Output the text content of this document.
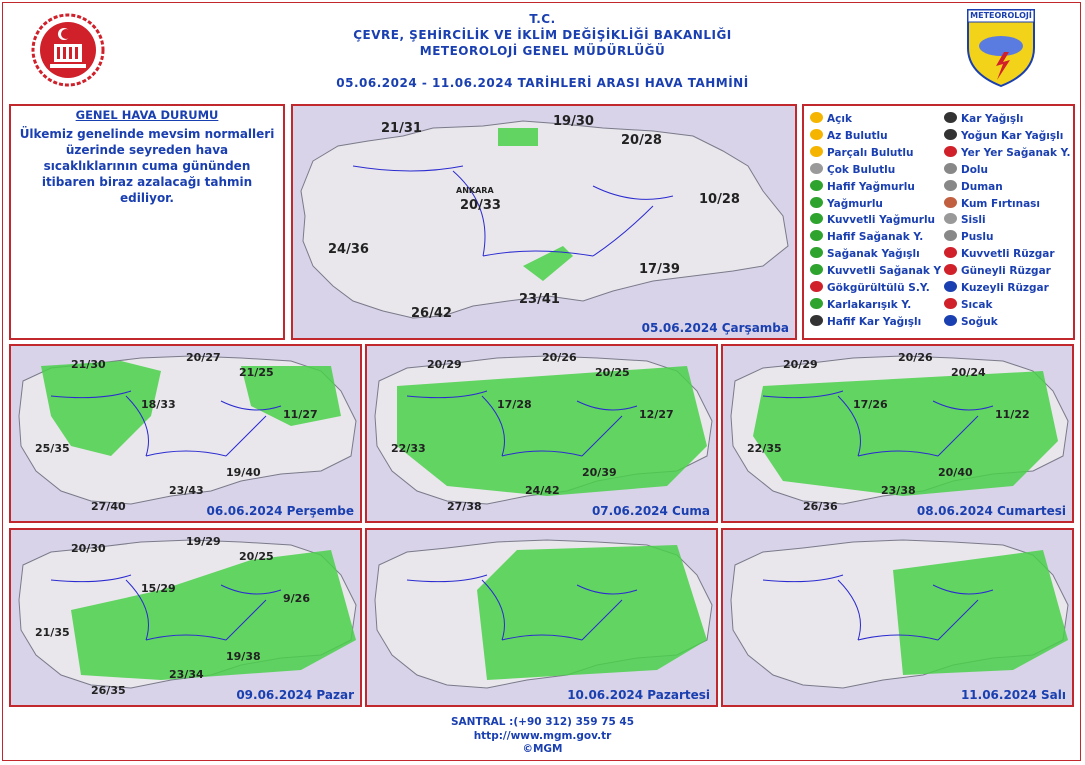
METEOROLOJİ
T.C.
ÇEVRE, ŞEHİRCİLİK VE İKLİM DEĞİŞİKLİĞİ BAKANLIĞI
METEOROLOJİ GENEL MÜDÜRLÜĞÜ
05.06.2024 - 11.06.2024 TARİHLERİ ARASI HAVA TAHMİNİ
GENEL HAVA DURUMU
Ülkemiz genelinde mevsim normalleri üzerinde seyreden hava sıcaklıklarının cuma gününden itibaren biraz azalacağı tahmin ediliyor.
21/31	19/30
20/28
20/33	10/28
24/36
17/39
23/41
26/42
ANKARA
05.06.2024 Çarşamba
Açık
Az Bulutlu
Parçalı Bulutlu
Çok Bulutlu
Hafif Yağmurlu
Yağmurlu
Kuvvetli Yağmurlu
Hafif Sağanak Y.
Sağanak Yağışlı
Kuvvetli Sağanak Y
Gökgürültülü S.Y.
Karlakarışık Y.
Hafif Kar Yağışlı
Kar Yağışlı
Yoğun Kar Yağışlı
Yer Yer Sağanak Y.
Dolu
Duman
Kum Fırtınası
Sisli
Puslu
Kuvvetli Rüzgar
Güneyli Rüzgar
Kuzeyli Rüzgar
Sıcak
Soğuk
21/30
20/27
21/25
18/33
11/27
25/35
19/40
23/43
27/40	06.06.2024 Perşembe
20/29
20/26
20/25
17/28
12/27
22/33
20/39
24/42
27/38	07.06.2024 Cuma
20/29
20/26
20/24
17/26
11/22
22/35
20/40
23/38
26/36	08.06.2024 Cumartesi
20/30
19/29
20/25
15/29
9/26
21/35
19/38
23/34
26/35	09.06.2024 Pazar	10.06.2024 Pazartesi	11.06.2024 Salı
SANTRAL :(+90 312) 359 75 45
http://www.mgm.gov.tr
©MGM
